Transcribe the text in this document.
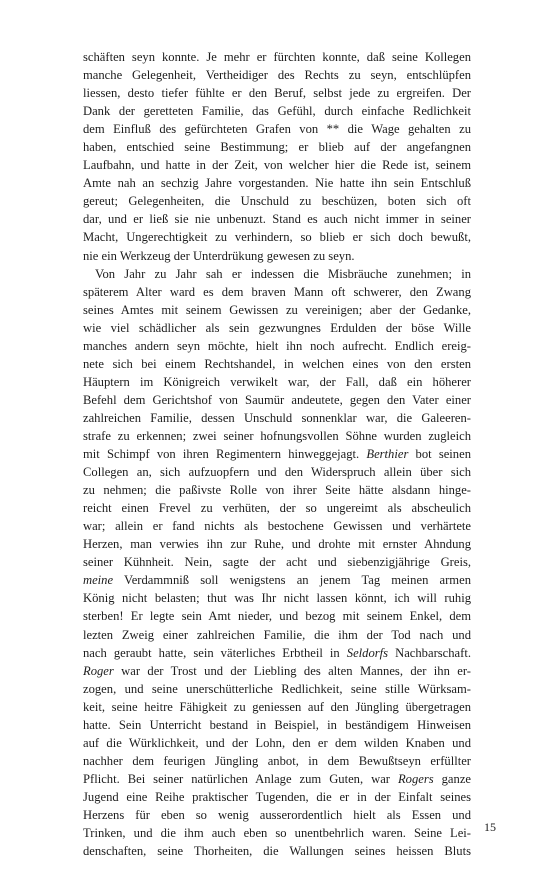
schäften seyn konnte. Je mehr er fürchten konnte, daß seine Kollegen
manche Gelegenheit, Vertheidiger des Rechts zu seyn, entschlüpfen
liessen, desto tiefer fühlte er den Beruf, selbst jede zu ergreifen. Der
Dank der geretteten Familie, das Gefühl, durch einfache Redlichkeit
dem Einfluß des gefürchteten Grafen von ** die Wage gehalten zu
haben, entschied seine Bestimmung; er blieb auf der angefangnen
Laufbahn, und hatte in der Zeit, von welcher hier die Rede ist, seinem
Amte nah an sechzig Jahre vorgestanden. Nie hatte ihn sein Entschluß
gereut; Gelegenheiten, die Unschuld zu beschüzen, boten sich oft
dar, und er ließ sie nie unbenuzt. Stand es auch nicht immer in seiner
Macht, Ungerechtigkeit zu verhindern, so blieb er sich doch bewußt,
nie ein Werkzeug der Unterdrükung gewesen zu seyn.
Von Jahr zu Jahr sah er indessen die Misbräuche zunehmen; in
späterem Alter ward es dem braven Mann oft schwerer, den Zwang
seines Amtes mit seinem Gewissen zu vereinigen; aber der Gedanke,
wie viel schädlicher als sein gezwungnes Erdulden der böse Wille
manches andern seyn möchte, hielt ihn noch aufrecht. Endlich ereig-
nete sich bei einem Rechtshandel, in welchen eines von den ersten
Häuptern im Königreich verwikelt war, der Fall, daß ein höherer
Befehl dem Gerichtshof von Saumür andeutete, gegen den Vater einer
zahlreichen Familie, dessen Unschuld sonnenklar war, die Galeeren-
strafe zu erkennen; zwei seiner hofnungsvollen Söhne wurden zugleich
mit Schimpf von ihren Regimentern hinweggejagt. Berthier bot seinen
Collegen an, sich aufzuopfern und den Widerspruch allein über sich
zu nehmen; die paßivste Rolle von ihrer Seite hätte alsdann hinge-
reicht einen Frevel zu verhüten, der so ungereimt als abscheulich
war; allein er fand nichts als bestochene Gewissen und verhärtete
Herzen, man verwies ihn zur Ruhe, und drohte mit ernster Ahndung
seiner Kühnheit. Nein, sagte der acht und siebenzigjährige Greis,
meine Verdammniß soll wenigstens an jenem Tag meinen armen
König nicht belasten; thut was Ihr nicht lassen könnt, ich will ruhig
sterben! Er legte sein Amt nieder, und bezog mit seinem Enkel, dem
lezten Zweig einer zahlreichen Familie, die ihm der Tod nach und
nach geraubt hatte, sein väterliches Erbtheil in Seldorfs Nachbarschaft.
Roger war der Trost und der Liebling des alten Mannes, der ihn er-
zogen, und seine unerschütterliche Redlichkeit, seine stille Würksam-
keit, seine heitre Fähigkeit zu geniessen auf den Jüngling übergetragen
hatte. Sein Unterricht bestand in Beispiel, in beständigem Hinweisen
auf die Würklichkeit, und der Lohn, den er dem wilden Knaben und
nachher dem feurigen Jüngling anbot, in dem Bewußtseyn erfüllter
Pflicht. Bei seiner natürlichen Anlage zum Guten, war Rogers ganze
Jugend eine Reihe praktischer Tugenden, die er in der Einfalt seines
Herzens für eben so wenig ausserordentlich hielt als Essen und
Trinken, und die ihm auch eben so unentbehrlich waren. Seine Lei-
denschaften, seine Thorheiten, die Wallungen seines heissen Bluts
15
